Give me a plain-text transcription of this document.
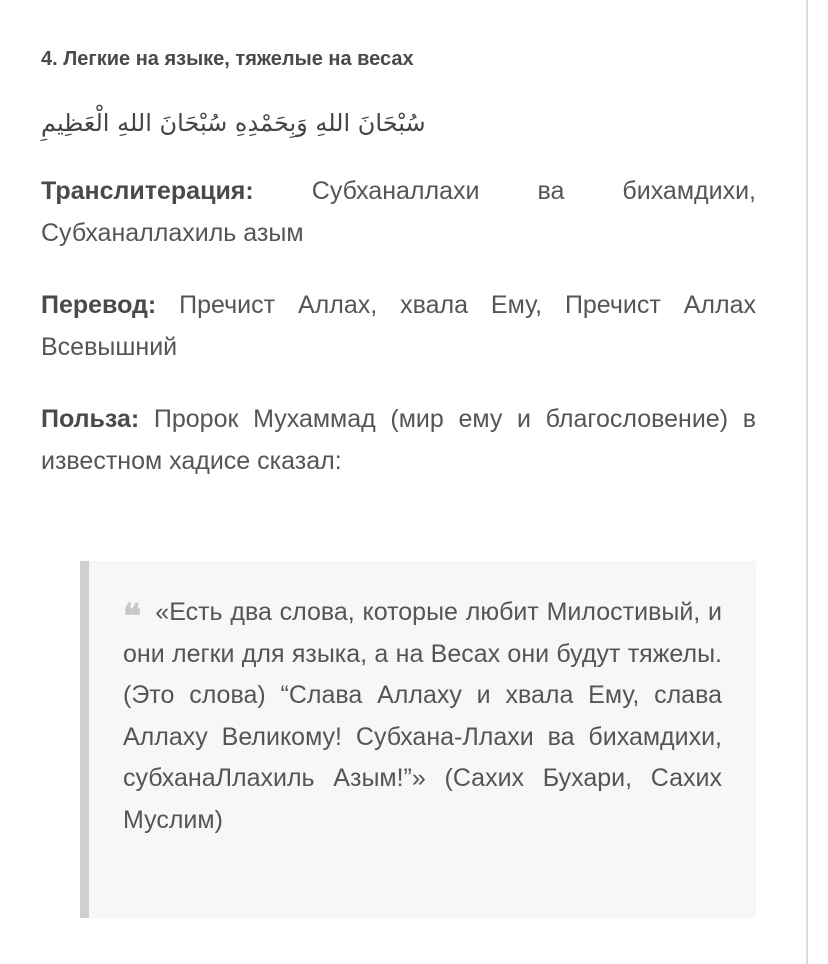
4. Легкие на языке, тяжелые на весах
سُبْحَانَ اللهِ وَبِحَمْدِهِ سُبْحَانَ اللهِ الْعَظِيمِ

Транслитерация: Субханаллахи ва бихамдихи, Субханаллахиль азым

Перевод: Пречист Аллах, хвала Ему, Пречист Аллах Всевышний

Польза: Пророк Мухаммад (мир ему и благословение) в известном хадисе сказал:

❝ «Есть два слова, которые любит Милостивый, и они легки для языка, а на Весах они будут тяжелы. (Это слова) “Слава Аллаху и хвала Ему, слава Аллаху Великому! Субхана-Ллахи ва бихамдихи, субханаЛлахиль Азым!”» (Сахих Бухари, Сахих Муслим)
